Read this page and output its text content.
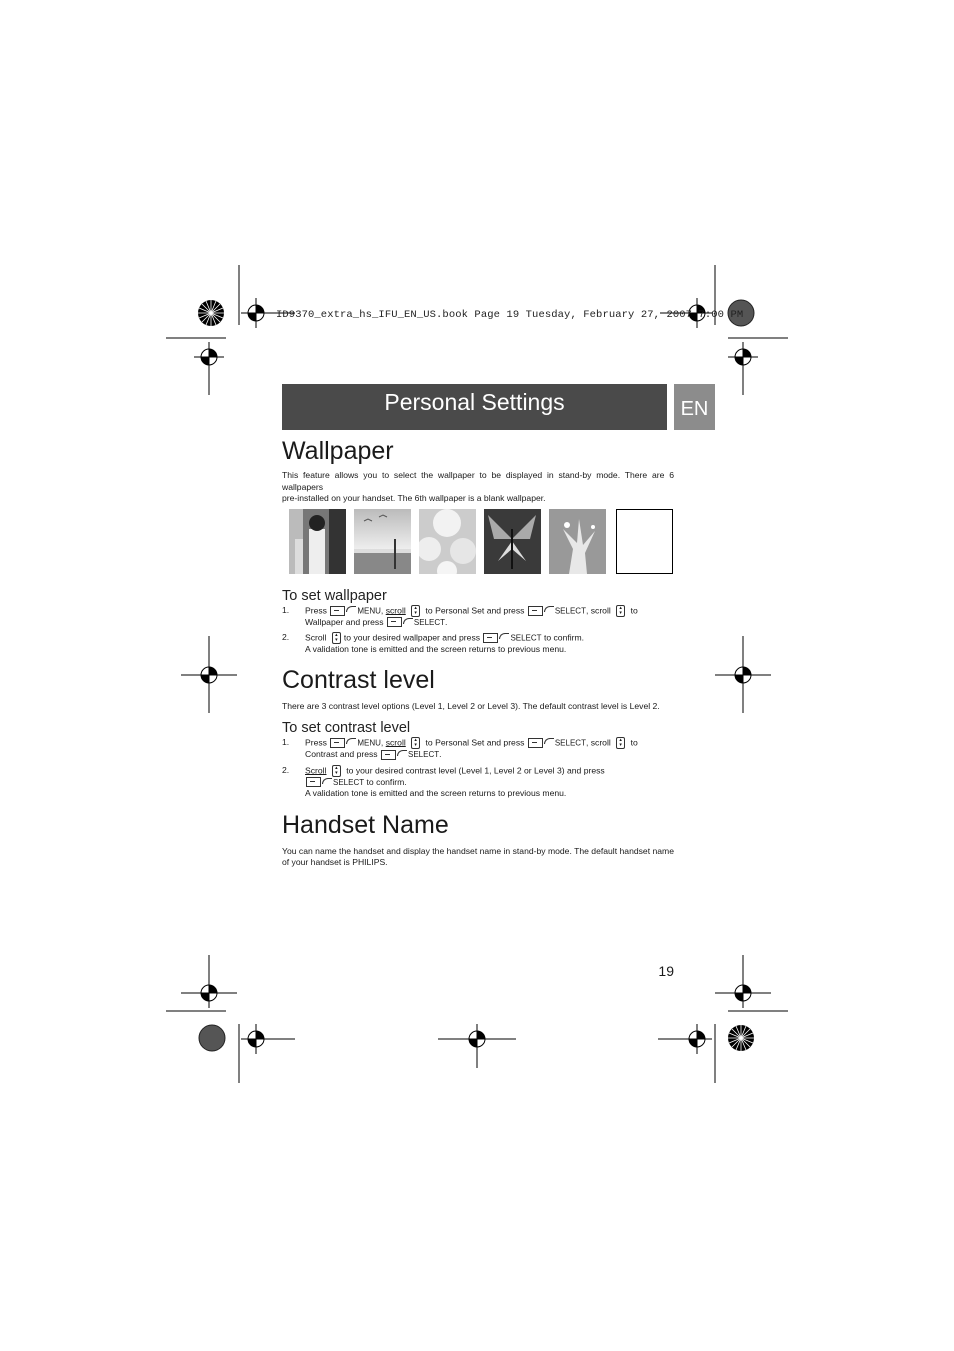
ID9370_extra_hs_IFU_EN_US.book Page 19 Tuesday, February 27, 2007 7:00 PM
Personal Settings	EN
Wallpaper

This feature allows you to select the wallpaper to be displayed in stand-by mode. There are 6 wallpapers

pre-installed on your handset. The 6th wallpaper is a blank wallpaper.

To set wallpaper
1.	Press	MENU, scroll ▴
▾ to Personal Set and press	SELECT, scroll ▴
▾ to
Wallpaper and press	SELECT.
2.	Scroll ▴
▾ to your desired wallpaper and press	SELECT to confirm.
A validation tone is emitted and the screen returns to previous menu.
Contrast level

There are 3 contrast level options (Level 1, Level 2 or Level 3). The default contrast level is Level 2.

To set contrast level
1.	Press	MENU, scroll ▴
▾ to Personal Set and press	SELECT, scroll ▴
▾ to
Contrast and press	SELECT.
2.	Scroll ▴
▾ to your desired contrast level (Level 1, Level 2 or Level 3) and press
SELECT to confirm.
A validation tone is emitted and the screen returns to previous menu.
Handset Name

You can name the handset and display the handset name in stand-by mode. The default handset name of your handset is PHILIPS.

19
